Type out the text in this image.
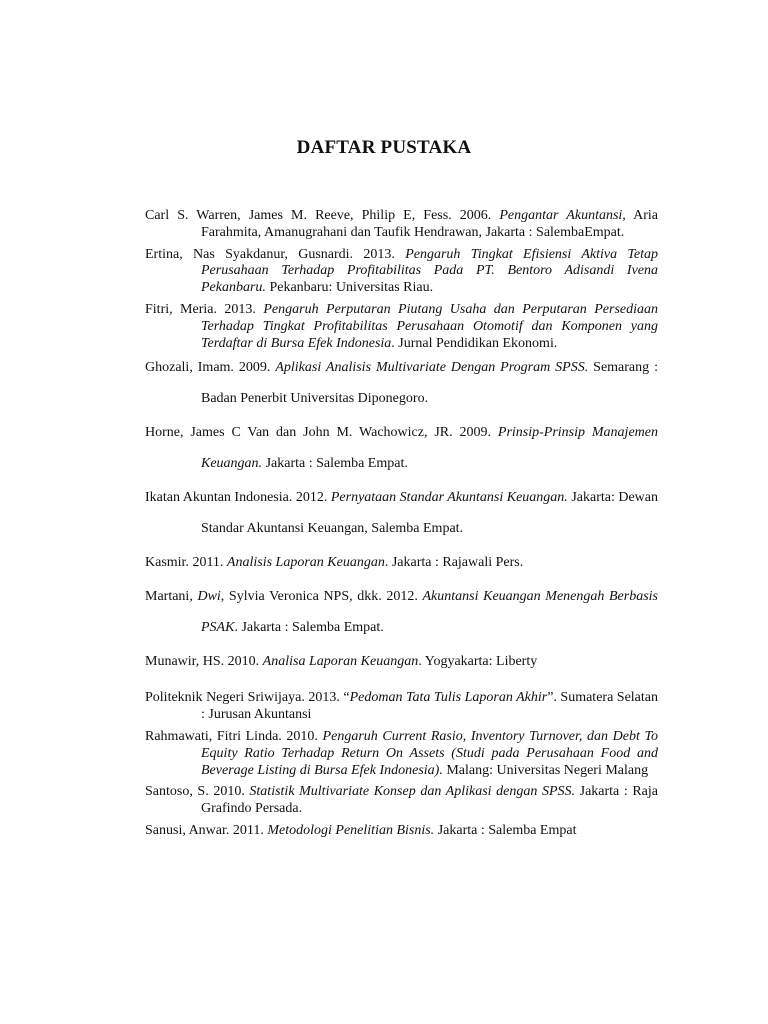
DAFTAR PUSTAKA

Carl S. Warren, James M. Reeve, Philip E, Fess. 2006. Pengantar Akuntansi, Aria Farahmita, Amanugrahani dan Taufik Hendrawan, Jakarta : SalembaEmpat.

Ertina, Nas Syakdanur, Gusnardi. 2013. Pengaruh Tingkat Efisiensi Aktiva Tetap Perusahaan Terhadap Profitabilitas Pada PT. Bentoro Adisandi Ivena Pekanbaru. Pekanbaru: Universitas Riau.

Fitri, Meria. 2013. Pengaruh Perputaran Piutang Usaha dan Perputaran Persediaan Terhadap Tingkat Profitabilitas Perusahaan Otomotif dan Komponen yang Terdaftar di Bursa Efek Indonesia. Jurnal Pendidikan Ekonomi.

Ghozali, Imam. 2009. Aplikasi Analisis Multivariate Dengan Program SPSS. Semarang : Badan Penerbit Universitas Diponegoro.

Horne, James C Van dan John M. Wachowicz, JR. 2009. Prinsip-Prinsip Manajemen Keuangan. Jakarta : Salemba Empat.

Ikatan Akuntan Indonesia. 2012. Pernyataan Standar Akuntansi Keuangan. Jakarta: Dewan Standar Akuntansi Keuangan, Salemba Empat.

Kasmir. 2011. Analisis Laporan Keuangan. Jakarta : Rajawali Pers.

Martani, Dwi, Sylvia Veronica NPS, dkk. 2012. Akuntansi Keuangan Menengah Berbasis PSAK. Jakarta : Salemba Empat.

Munawir, HS. 2010. Analisa Laporan Keuangan. Yogyakarta: Liberty

Politeknik Negeri Sriwijaya. 2013. “Pedoman Tata Tulis Laporan Akhir”. Sumatera Selatan : Jurusan Akuntansi

Rahmawati, Fitri Linda. 2010. Pengaruh Current Rasio, Inventory Turnover, dan Debt To Equity Ratio Terhadap Return On Assets (Studi pada Perusahaan Food and Beverage Listing di Bursa Efek Indonesia). Malang: Universitas Negeri Malang

Santoso, S. 2010. Statistik Multivariate Konsep dan Aplikasi dengan SPSS. Jakarta : Raja Grafindo Persada.

Sanusi, Anwar. 2011. Metodologi Penelitian Bisnis. Jakarta : Salemba Empat
